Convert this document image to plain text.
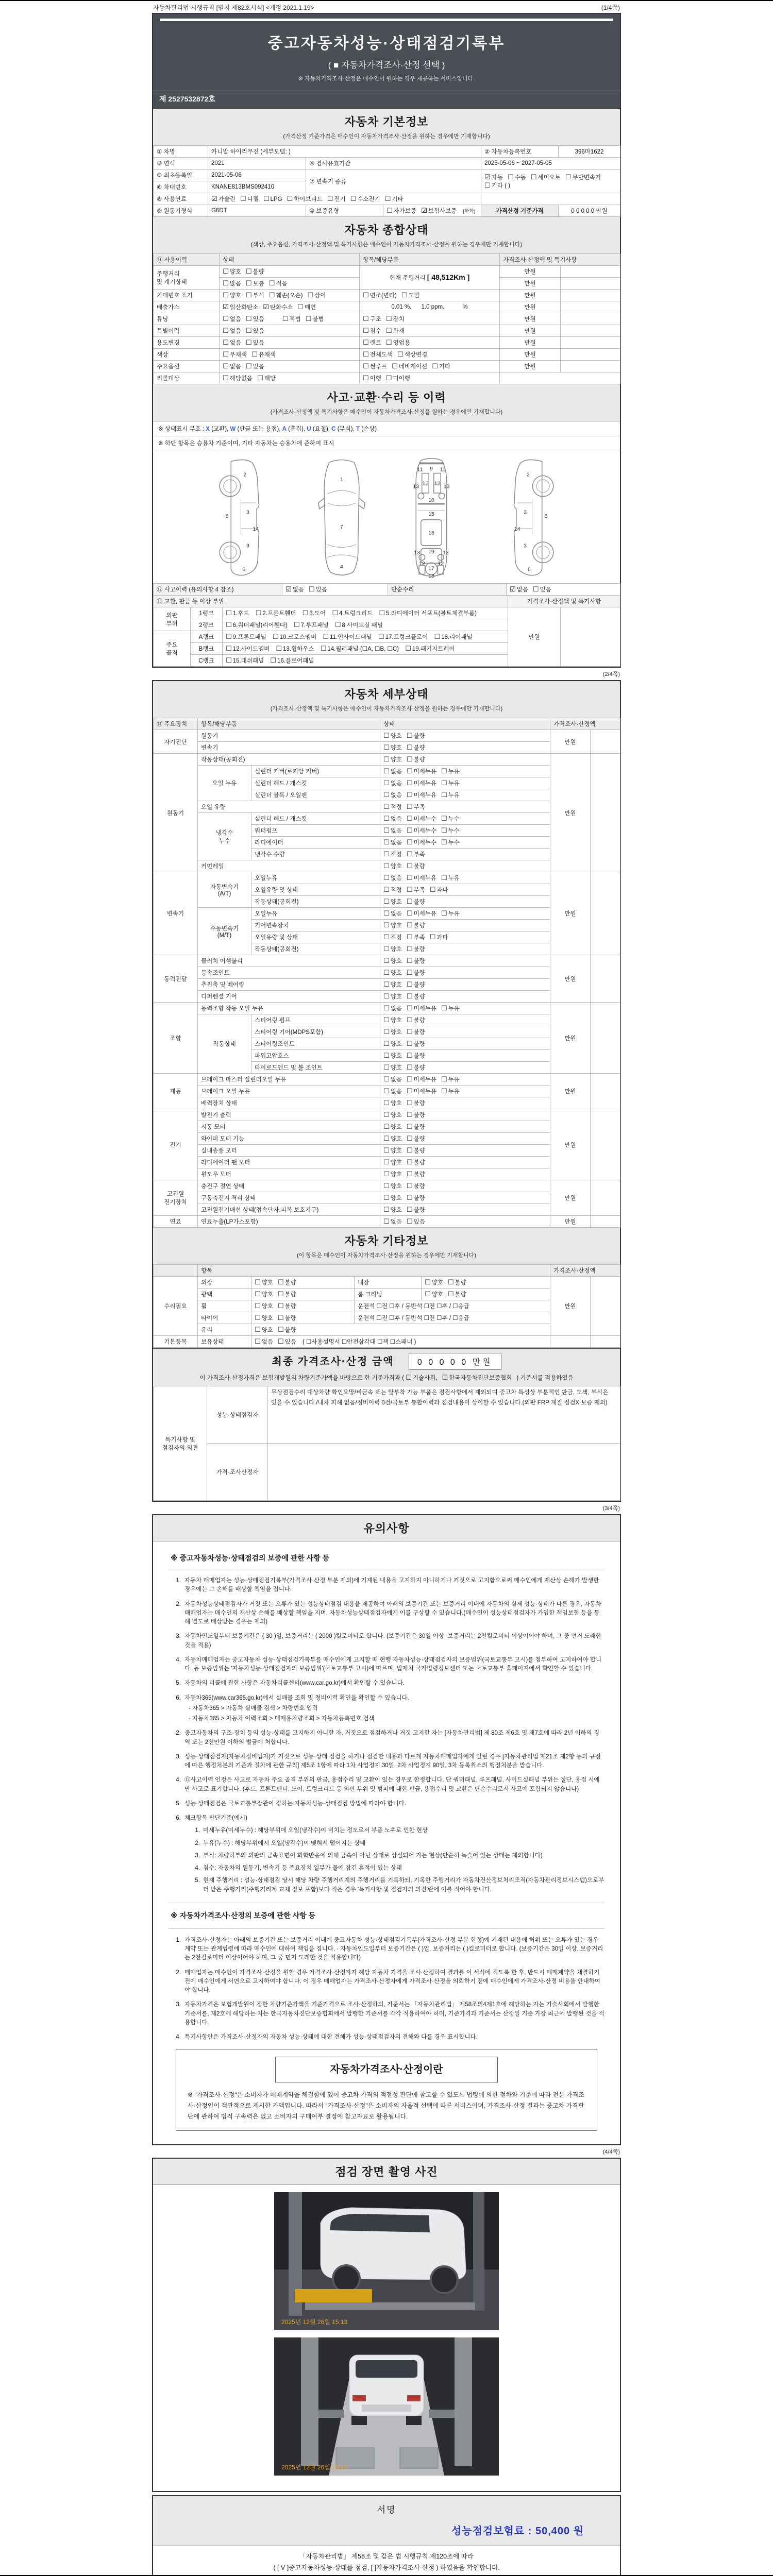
자동차관리법 시행규칙 [별지 제82호서식] <개정 2021.1.19>	(1/4쪽)
중고자동차성능·상태점검기록부
( ■ 자동차가격조사·산정 선택 )
※ 자동차가격조사·산정은 매수인이 원하는 경우 제공하는 서비스입니다.
제 2527532872호
자동차 기본정보
(가격산정 기준가격은 매수인이 자동차가격조사·산정을 원하는 경우에만 기재합니다)
① 차명	카니발 하이리무진 (세부모델: )			② 자동차등록번호	396마1622
③ 연식	2021	④ 검사유효기간		2025-05-06 ~ 2027-05-05	
⑤ 최초등록일	2021-05-06	⑦ 변속기 종류		☑ 자동 ☐ 수동 ☐ 세미오토 ☐ 무단변속기☐ 기타 ( )	
⑥ 차대번호	KNANE813BMS092410				
⑧ 사용연료	☑ 가솔린 ☐ 디젤 ☐ LPG ☐ 하이브리드 ☐ 전기 ☐ 수소전기 ☐ 기타				
⑨ 원동기형식	G6DT	⑩ 보증유형	☐ 자가보증 ☑ 보험사보증 [한화]	가격산정 기준가격	0 0 0 0 0 만원
자동차 종합상태
(색상, 주요옵션, 가격조사·산정액 및 특기사항은 매수인이 자동차가격조사·산정을 원하는 경우에만 기재합니다)
⑪ 사용이력	상태	항목/해당부품	가격조사·산정액 및 특기사항	
주행거리
및 계기상태	☐ 양호 ☐ 불량	현재 주행거리 [ 48,512Km ]	만원	
	☐ 많음 ☐ 보통 ☐ 적음		만원	
차대번호 표기	☐ 양호 ☐ 부식 ☐ 훼손(오손) ☐ 상이	☐ 변조(변타) ☐ 도말	만원	
배출가스	☑ 일산화탄소 ☑ 탄화수소 ☐ 매연	0.01 %,      1.0 ppm,           %	만원	
튜닝	☐ 없음 ☐ 있음 ☐ 적법 ☐ 불법	☐ 구조 ☐ 장치	만원	
특별이력	☐ 없음 ☐ 있음	☐ 침수 ☐ 화재	만원	
용도변경	☐ 없음 ☐ 있음	☐ 렌트 ☐ 영업용	만원	
색상	☐ 무채색 ☐ 유채색	☐ 전체도색 ☐ 색상변경	만원	
주요옵션	☐ 없음 ☐ 있음	☐ 썬루프 ☐ 네비게이션 ☐ 기타	만원	
리콜대상	☐ 해당없음 ☐ 해당	☐ 이행 ☐ 미이행		
사고·교환·수리 등 이력
(가격조사·산정액 및 특기사항은 매수인이 자동차가격조사·산정을 원하는 경우에만 기재합니다)
※ 상태표시 부호 : X (교환), W (판금 또는 용접), A (흠집), U (요철), C (부식), T (손상)
※ 하단 항목은 승용차 기준이며, 기타 자동차는 승용차에 준하여 표시
2
8
3
14
3
6
1
7
4
9
11	11
13 12 12 13
10
15
16
13 19 13
12
17
12
18
2
3
8
14
3
6
⑫ 사고이력 (유의사항 4 참조)	☑ 없음 ☐ 있음	단순수리	☑ 없음 ☐ 있음
⑬ 교환, 판금 등 이상 부위			가격조사·산정액 및 특기사항	
외판
부위	1랭크	☐ 1.후드 ☐ 2.프론트휀더 ☐ 3.도어 ☐ 4.트렁크리드 ☐ 5.라디에이터 서포트(볼트체결부품)	만원	
	2랭크	☐ 6.쿼더패널(리어휀다) ☐ 7.루프패널 ☐ 8.사이드실 패널		
주요
골격	A랭크	☐ 9.프론트패널 ☐ 10.크로스멤버 ☐ 11.인사이드패널 ☐ 17.트렁크플로어 ☐ 18.리어패널		
	B랭크	☐ 12.사이드멤버 ☐ 13.휠하우스 ☐ 14.필러패널 (☐A, ☐B, ☐C) ☐ 19.패키지트레이		
	C랭크	☐ 15.대쉬패널 ☐ 16.플로어패널		
(2/4쪽)
자동차 세부상태
(가격조사·산정액 및 특기사항은 매수인이 자동차가격조사·산정을 원하는 경우에만 기재합니다)
⑭ 주요장치	항목/해당부품		상태	가격조사·산정액	
자기진단	원동기		☐ 양호 ☐ 불량	만원	
	변속기		☐ 양호 ☐ 불량		
원동기	작동상태(공회전)		☐ 양호 ☐ 불량	만원	
	오일 누유	실린더 커버(로커암 커버)	☐ 없음 ☐ 미세누유 ☐ 누유		
		실린더 헤드 / 개스킷	☐ 없음 ☐ 미세누유 ☐ 누유		
		실린더 블록 / 오일팬	☐ 없음 ☐ 미세누유 ☐ 누유		
	오일 유량		☐ 적정 ☐ 부족		
	냉각수
누수	실린더 헤드 / 개스킷	☐ 없음 ☐ 미세누수 ☐ 누수		
		워터펌프	☐ 없음 ☐ 미세누수 ☐ 누수		
		라디에이터	☐ 없음 ☐ 미세누수 ☐ 누수		
		냉각수 수량	☐ 적정 ☐ 부족		
	커먼레일		☐ 양호 ☐ 불량		
변속기	자동변속기
(A/T)	오일누유	☐ 없음 ☐ 미세누유 ☐ 누유	만원	
		오일유량 및 상태	☐ 적정 ☐ 부족 ☐ 과다		
		작동상태(공회전)	☐ 양호 ☐ 불량		
	수동변속기
(M/T)	오일누유	☐ 없음 ☐ 미세누유 ☐ 누유		
		기어변속장치	☐ 양호 ☐ 불량		
		오일유량 및 상태	☐ 적정 ☐ 부족 ☐ 과다		
		작동상태(공회전)	☐ 양호 ☐ 불량		
동력전달	클러치 어셈블리		☐ 양호 ☐ 불량	만원	
	등속조인트		☐ 양호 ☐ 불량		
	추진축 및 베어링		☐ 양호 ☐ 불량		
	디퍼렌셜 기어		☐ 양호 ☐ 불량		
조향	동력조향 작동 오일 누유		☐ 없음 ☐ 미세누유 ☐ 누유	만원	
	작동상태	스티어링 펌프	☐ 양호 ☐ 불량		
		스티어링 기어(MDPS포함)	☐ 양호 ☐ 불량		
		스티어링조인트	☐ 양호 ☐ 불량		
		파워고압호스	☐ 양호 ☐ 불량		
		타이로드엔드 및 볼 조인트	☐ 양호 ☐ 불량		
제동	브레이크 마스터 실린더오일 누유		☐ 없음 ☐ 미세누유 ☐ 누유	만원	
	브레이크 오일 누유		☐ 없음 ☐ 미세누유 ☐ 누유		
	배력장치 상태		☐ 양호 ☐ 불량		
전기	발전기 출력		☐ 양호 ☐ 불량	만원	
	시동 모터		☐ 양호 ☐ 불량		
	와이퍼 모터 기능		☐ 양호 ☐ 불량		
	실내송풍 모터		☐ 양호 ☐ 불량		
	라디에이터 팬 모터		☐ 양호 ☐ 불량		
	윈도우 모터		☐ 양호 ☐ 불량		
고전원
전기장치	충전구 절연 상태		☐ 양호 ☐ 불량	만원	
	구동축전지 격리 상태		☐ 양호 ☐ 불량		
	고전원전기배선 상태(접속단자,피복,보호기구)		☐ 양호 ☐ 불량		
연료	연료누출(LP가스포함)		☐ 없음 ☐ 있음	만원	
자동차 기타정보
(이 항목은 매수인이 자동차가격조사·산정을 원하는 경우에만 기재합니다)
	항목				가격조사·산정액	
수리필요	외장	☐ 양호 ☐ 불량	내장	☐ 양호 ☐ 불량	만원	
	광택	☐ 양호 ☐ 불량	룸 크리닝	☐ 양호 ☐ 불량		
	휠	☐ 양호 ☐ 불량	운전석 ☐전 ☐후 / 동반석 ☐전 ☐후 / ☐응급			
	타이어	☐ 양호 ☐ 불량	운전석 ☐전 ☐후 / 동반석 ☐전 ☐후 / ☐응급			
	유리	☐ 양호 ☐ 불량				
기본품목	보유상태	☐ 없음 ☐ 있음 ( ☐사용설명서 ☐안전삼각대 ☐잭 ☐스패너 )				
최종 가격조사·산정 금액	0 0 0 0 0 만원
이 가격조사·산정가격은 보험개발원의 차량기준가액을 바탕으로 한 기준가격과 ( ☐ 기술사회, ☐ 한국자동차진단보증협회 ) 기준서를 적용하였음
특기사항 및
점검자의 의견	성능·상태점검자	무상점검수리 대상차량 확인요망/비금속 또는 탈부착 가능 부품은 점검사항에서 제외되며 중고차 특성상 부분적인 판금, 도색, 부식은 있을 수 있습니다./내차 피해 없음/정비이력 0건/국토부 통합이력과 점검내용이 상이할 수 있습니다.(외판 FRP 재질 점검X 보증 제외)
	가격·조사산정자	
(3/4쪽)
유의사항
※ 중고자동차성능·상태점검의 보증에 관한 사항 등
1. 자동차 매매업자는 성능·상태점검기록부(가격조사·산정 부분 제외)에 기재된 내용을 고지하지 아니하거나 거짓으로 고지함으로써 매수인에게 재산상 손해가 발생한 경우에는 그 손해를 배상할 책임을 집니다.
2. 자동차성능상태점검자가 거짓 또는 오류가 있는 성능상태점검 내용을 제공하여 아래의 보증기간 또는 보증거리 이내에 자동차의 실제 성능·상태가 다른 경우, 자동차매매업자는 매수인의 재산상 손해를 배상할 책임을 지며, 자동차성능상태점검자에게 이를 구상할 수 있습니다.(매수인이 성능상태점검자가 가입한 책임보험 등을 통해 별도로 배상받는 경우는 제외)
3. 자동차인도일부터 보증기간은 ( 30 )일, 보증거리는 ( 2000 )킬로미터로 합니다. (보증기간은 30일 이상, 보증거리는 2천킬로미터 이상이어야 하며, 그 중 먼저 도래한 것을 적용)
4. 자동차매매업자는 중고자동차 성능·상태점검기록부를 매수인에게 고지할 때 현행 자동차성능·상태점검자의 보증범위(국토교통부 고시)를 첨부하여 고지하여야 합니다. 동 보증범위는 '자동차성능·상태점검자의 보증범위'(국토교통부 고시)에 따르며, 법제처 국가법령정보센터 또는 국토교통부 홈페이지에서 확인할 수 있습니다.
5. 자동차의 리콜에 관한 사항은 자동차리콜센터(www.car.go.kr)에서 확인할 수 있습니다.
6. 자동차365(www.car365.go.kr)에서 실매물 조회 및 정비이력 확인을 확인할 수 있습니다.
- 자동차365 > 자동차 실매물 검색 > 차량번호 입력
- 자동차365 > 자동차 이력조회 > 매매용차량조회 > 자동차등록번호 검색
2. 중고자동차의 구조·장치 등의 성능·상태를 고지하지 아니한 자, 거짓으로 점검하거나 거짓 고지한 자는 [자동차관리법] 제 80조 제6호 및 제7호에 따라 2년 이하의 징역 또는 2천만원 이하의 벌금에 처합니다.
3. 성능·상태점검자(자동차정비업자)가 거짓으로 성능·상태 점검을 하거나 점검한 내용과 다르게 자동차매매업자에게 알린 경우 [자동차관리법 제21조 제2항 등의 규정에 따른 행정처분의 기준과 절차에 관한 규칙] 제5조 1항에 따라 1차 사업정지 30일, 2차 사업정지 90일, 3차 등록취소의 행정처분을 받습니다.
4. ⑫사고이력 인정은 사고로 자동차 주요 골격 부위의 판금, 용접수리 및 교환이 있는 경우로 한정합니다. 단 쿼터패널, 루프패널, 사이드실패널 부위는 절단, 용접 시에만 사고로 표기합니다. (후드, 프론트펜더, 도어, 트렁크리드 등 외판 부위 및 범퍼에 대한 판금, 용접수리 및 교환은 단순수리로서 사고에 포함되지 않습니다)
5. 성능·상태점검은 국토교통부장관이 정하는 자동차성능·상태점검 방법에 따라야 합니다.
6. 체크항목 판단기준(예시)
1. 미세누유(미세누수) : 해당부위에 오일(냉각수)이 비치는 정도로서 부품 노후로 인한 현상
2. 누유(누수) : 해당부위에서 오일(냉각수)이 맺혀서 떨어지는 상태
3. 부식: 차량하부와 외판의 금속표면이 화학반응에 의해 금속이 아닌 상태로 상실되어 가는 현상(단순히 녹슬어 있는 상태는 제외합니다)
4. 침수: 자동차의 원동기, 변속기 등 주요장치 일부가 물에 잠긴 흔적이 있는 상태
5. 현재 주행거리 : 성능·상태점검 당시 해당 차량 주행거리계의 주행거리를 기록하되, 기록한 주행거리가 자동차전산정보처리조직(자동차관리정보시스템)으로부터 받은 주행거리(주행거리계 교체 정보 포함)보다 적은 경우 '특기사항 및 점검자의 의견'란에 이를 적어야 합니다.
※ 자동차가격조사·산정의 보증에 관한 사항 등
1. 가격조사·산정자는 아래의 보증기간 또는 보증거리 이내에 중고자동차 성능·상태점검기록부(가격조사·산정 부분 한정)에 기재된 내용에 허위 또는 오류가 있는 경우 계약 또는 관계법령에 따라 매수인에 대하여 책임을 집니다. · 자동차인도일부터 보증기간은 ( )일, 보증거리는 ( )킬로미터로 합니다. (보증기간은 30일 이상, 보증거리는 2천킬로미터 이상이어야 하며, 그 중 먼저 도래한 것을 적용합니다)
2. 매매업자는 매수인이 가격조사·산정을 원할 경우 가격조사·산정자가 해당 자동차 가격을 조사·산정하여 결과를 이 서식에 적도록 한 후, 반드시 매매계약을 체결하기 전에 매수인에게 서면으로 고지하여야 합니다. 이 경우 매매업자는 가격조사·산정자에게 가격조사·산정을 의뢰하기 전에 매수인에게 가격조사·산정 비용을 안내하여야 합니다.
3. 자동차가격은 보험개발원이 정한 차량기준가액을 기준가격으로 조사·산정하되, 기준서는 「자동차관리법」 제58조의4제1호에 해당하는 자는 기술사회에서 발행한 기준서를, 제2호에 해당하는 자는 한국자동차진단보증협회에서 발행한 기준서를 각각 적용하여야 하며, 기준가격과 기준서는 산정일 기준 가장 최근에 발행된 것을 적용합니다.
4. 특기사항란은 가격조사·산정자의 자동차 성능·상태에 대한 견해가 성능·상태점검자의 견해와 다를 경우 표시합니다.
자동차가격조사·산정이란
※ "가격조사·산정"은 소비자가 매매계약을 체결함에 있어 중고차 가격의 적절성 판단에 참고할 수 있도록 법령에 의한 절차와 기준에 따라 전문 가격조사·산정인이 객관적으로 제시한 가액입니다. 따라서 "가격조사·산정"은 소비자의 자율적 선택에 따른 서비스이며, 가격조사·산정 결과는 중고차 가격판단에 관하여 법적 구속력은 없고 소비자의 구매여부 결정에 참고자료로 활용됩니다.
(4/4쪽)
점검 장면 촬영 사진
2025년 12월 26일 15:13
2025년 12월 26일 15:13
서명
성능점검보험료 : 50,400 원
「자동차관리법」 제58조 및 같은 법 시행규칙 제120조에 따라
( [ V ]중고자동차성능·상태를 점검, [ ]자동차가격조사·산정 ) 하였음을 확인합니다.
